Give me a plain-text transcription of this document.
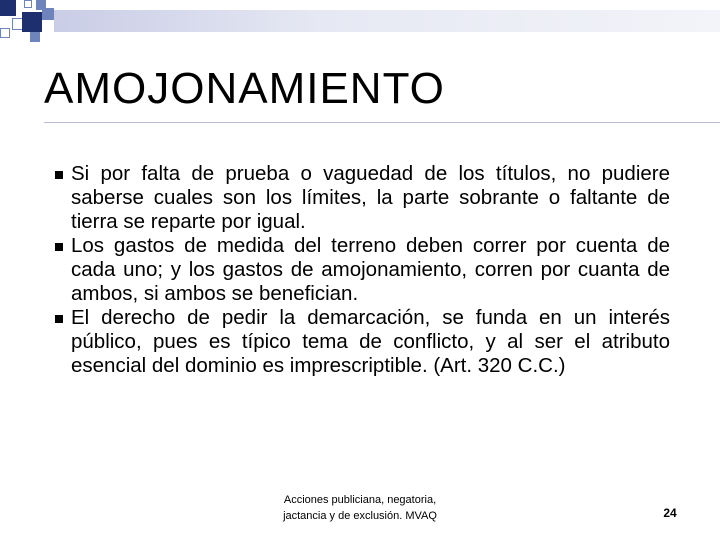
AMOJONAMIENTO
Si por falta de prueba o vaguedad de los títulos, no pudiere saberse cuales son los límites, la parte sobrante o faltante de tierra se reparte por igual.
Los gastos de medida del terreno deben correr por cuenta de cada uno; y los gastos de amojonamiento, corren por cuanta de ambos, si ambos se benefician.
El derecho de pedir la demarcación, se funda en un interés público, pues es típico tema de conflicto, y al ser el atributo esencial del dominio es imprescriptible. (Art. 320 C.C.)
Acciones publiciana, negatoria,
jactancia y de exclusión. MVAQ	24
